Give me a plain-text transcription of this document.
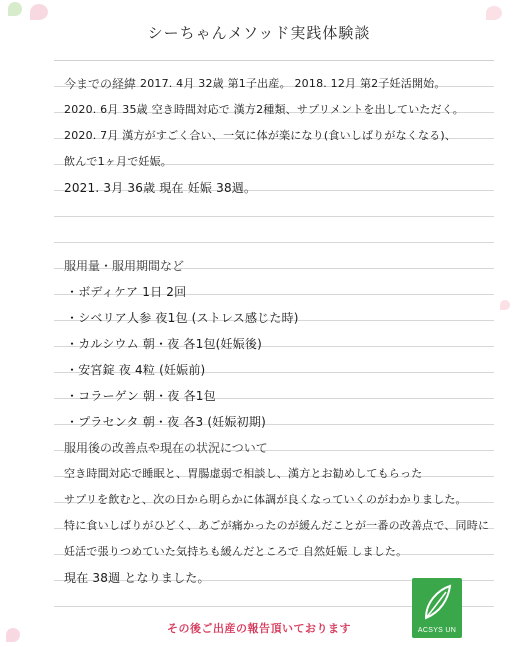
シーちゃんメソッド実践体験談
今までの経緯 2017. 4月 32歳 第1子出産。 2018. 12月 第2子妊活開始。
2020. 6月 35歳 空き時間対応で 漢方2種類、サプリメントを出していただく。
2020. 7月 漢方がすごく合い、一気に体が楽になり(食いしばりがなくなる)、
飲んで1ヶ月で妊娠。
2021. 3月 36歳 現在 妊娠 38週。
服用量・服用期間など
・ボディケア 1日 2回
・シベリア人参 夜1包 (ストレス感じた時)
・カルシウム 朝・夜 各1包(妊娠後)
・安宮錠 夜 4粒 (妊娠前)
・コラーゲン 朝・夜 各1包
・プラセンタ 朝・夜 各3 (妊娠初期)
服用後の改善点や現在の状況について
空き時間対応で睡眠と、胃腸虚弱で相談し、漢方とお勧めしてもらった
サプリを飲むと、次の日から明らかに体調が良くなっていくのがわかりました。
特に食いしばりがひどく、あごが痛かったのが緩んだことが一番の改善点で、同時に
妊活で張りつめていた気持ちも緩んだところで 自然妊娠 しました。
現在 38週 となりました。
ACSYS UN
その後ご出産の報告頂いております
